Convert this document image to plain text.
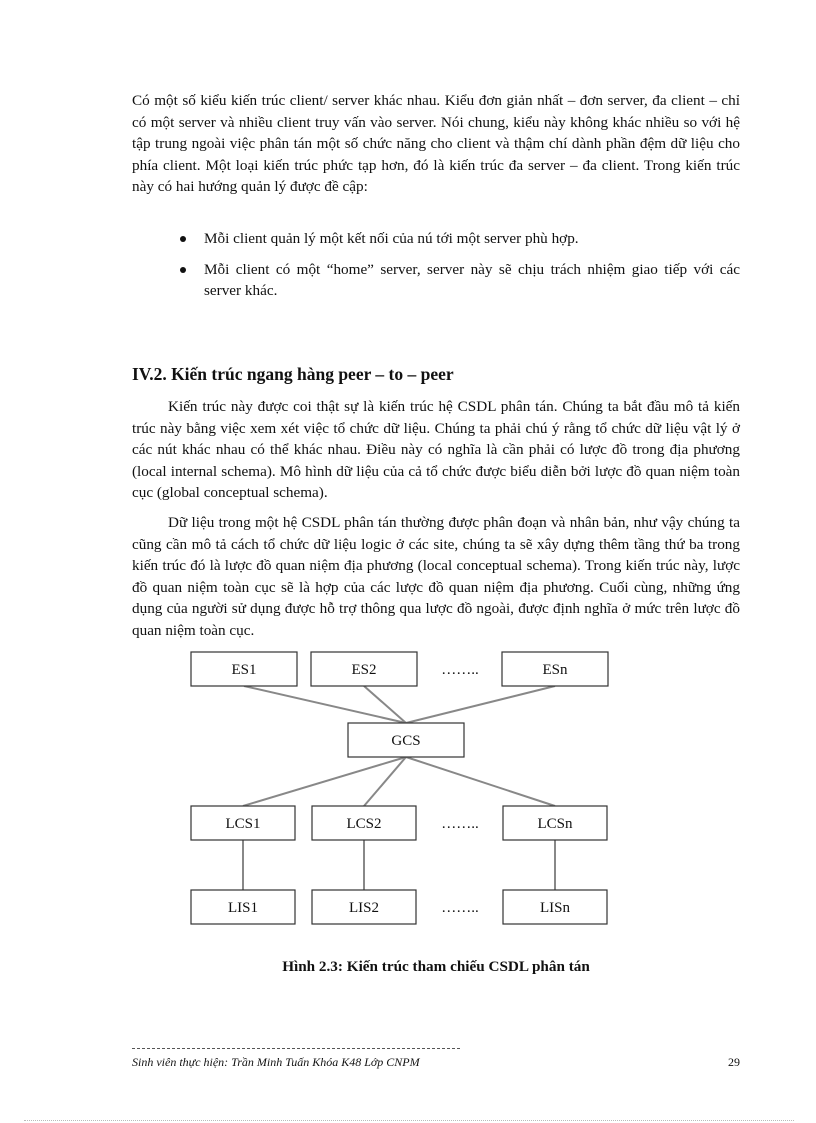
Có một số kiểu kiến trúc client/ server khác nhau. Kiểu đơn giản nhất – đơn server, đa client – chỉ có một server và nhiều client truy vấn vào server. Nói chung, kiểu này không khác nhiều so với hệ tập trung ngoài việc phân tán một số chức năng cho client và thậm chí dành phần đệm dữ liệu cho phía client. Một loại kiến trúc phức tạp hơn, đó là kiến trúc đa server – đa client. Trong kiến trúc này có hai hướng quản lý được đề cập:

Mỗi client quản lý một kết nối của nú tới một server phù hợp.
Mỗi client có một “home” server, server này sẽ chịu trách nhiệm giao tiếp với các server khác.
IV.2. Kiến trúc ngang hàng peer – to – peer

Kiến trúc này được coi thật sự là kiến trúc hệ CSDL phân tán. Chúng ta bắt đầu mô tả kiến trúc này bằng việc xem xét việc tổ chức dữ liệu. Chúng ta phải chú ý rằng tổ chức dữ liệu vật lý ở các nút khác nhau có thể khác nhau. Điều này có nghĩa là cần phải có lược đồ trong địa phương (local internal schema). Mô hình dữ liệu của cả tổ chức được biểu diễn bởi lược đồ quan niệm toàn cục (global conceptual schema).

Dữ liệu trong một hệ CSDL phân tán thường được phân đoạn và nhân bản, như vậy chúng ta cũng cần mô tả cách tổ chức dữ liệu logic ở các site, chúng ta sẽ xây dựng thêm tầng thứ ba trong kiến trúc đó là lược đồ quan niệm địa phương (local conceptual schema). Trong kiến trúc này, lược đồ quan niệm toàn cục sẽ là hợp của các lược đồ quan niệm địa phương. Cuối cùng, những ứng dụng của người sử dụng được hỗ trợ thông qua lược đồ ngoài, được định nghĩa ở mức trên lược đồ quan niệm toàn cục.

ES1	ES2	……..	ESn
GCS
LCS1	LCS2	……..	LCSn
LIS1	LIS2	……..	LISn

Hình 2.3: Kiến trúc tham chiếu CSDL phân tán

Sinh viên thực hiện: Trần Minh Tuấn Khóa K48 Lớp CNPM	29
